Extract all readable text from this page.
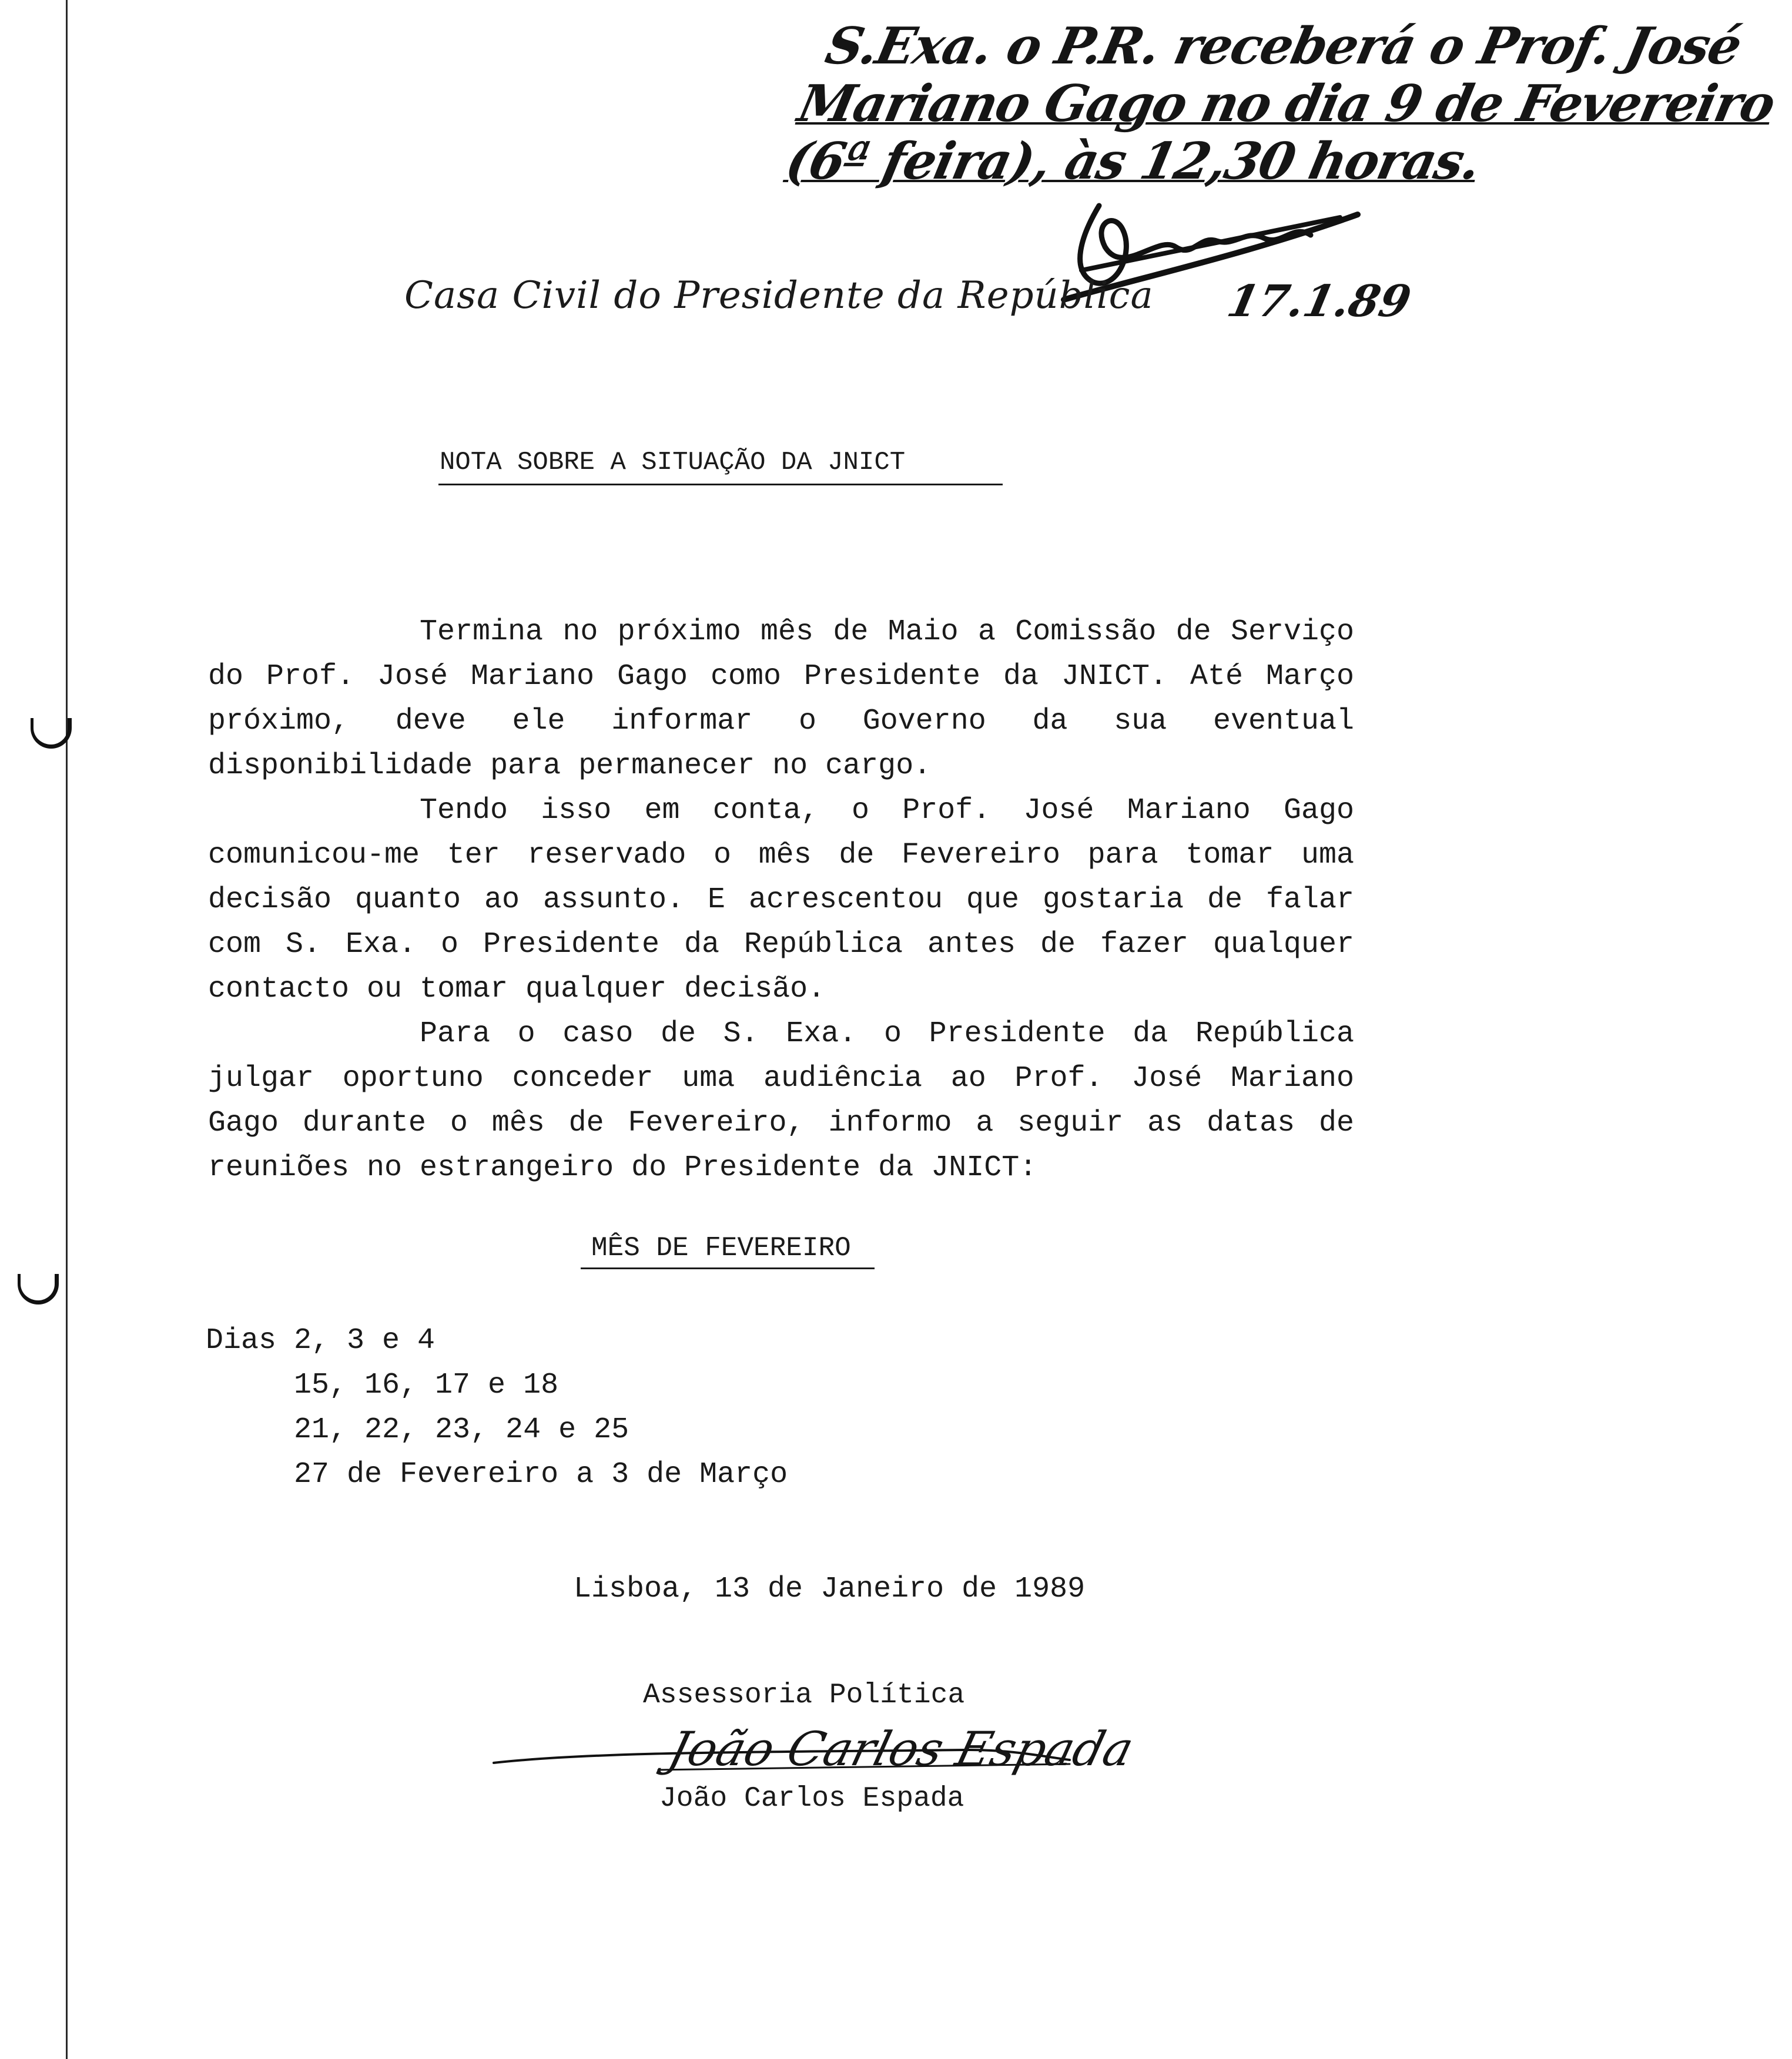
S.Exa. o P.R. receberá o Prof. José
Mariano Gago no dia 9 de Fevereiro
(6ª feira), às 12,30 horas.
17.1.89
Casa Civil do Presidente da República
NOTA SOBRE A SITUAÇÃO DA JNICT

Termina no próximo mês de Maio a Comissão de Serviço do Prof. José Mariano Gago como Presidente da JNICT. Até Março próximo, deve ele informar o Governo da sua eventual disponibilidade para permanecer no cargo.

Tendo isso em conta, o Prof. José Mariano Gago comunicou-me ter reservado o mês de Fevereiro para tomar uma decisão quanto ao assunto. E acrescentou que gostaria de falar com S. Exa. o Presidente da República antes de fazer qualquer contacto ou tomar qualquer decisão.

Para o caso de S. Exa. o Presidente da República julgar oportuno conceder uma audiência ao Prof. José Mariano Gago durante o mês de Fevereiro, informo a seguir as datas de reuniões no estrangeiro do Presidente da JNICT:

MÊS DE FEVEREIRO
Dias 2, 3 e 4
15, 16, 17 e 18
21, 22, 23, 24 e 25
27 de Fevereiro a 3 de Março
Lisboa, 13 de Janeiro de 1989
Assessoria Política
João Carlos Espada
João Carlos Espada
